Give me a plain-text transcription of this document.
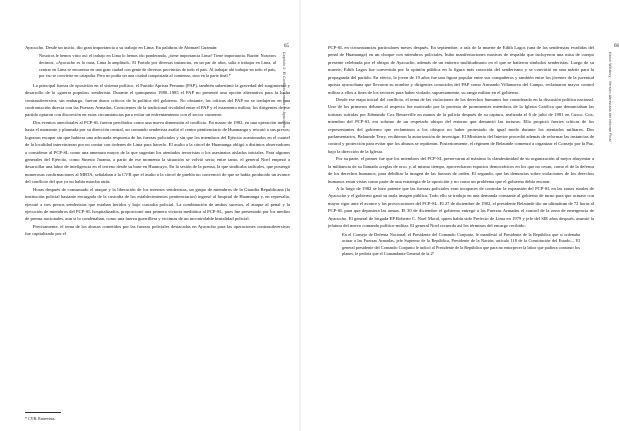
Ayacucho. Desde un inicio, dio gran importancia a su trabajo en Lima. En palabras de Abimael Guzmán:

Nosotros le hemos visto así: el trabajo en Lima lo hemos ido ponderando, ¿tiene importancia Lima? Tiene importancia. Razón: Nosotros decimos, «Ayacucho es la cuna, Lima la amplitud». El Partido por diversas instancias, en un par de años, salía a trabajar en Lima, al centrar en Lima se encuentra en una gran ciudad con gente de diversas provincias de todo el país. Al trabajar ahí trabajar en todo el país, por eso se convierte en catapulta. Pero no podía ser una ciudad conquistada al comienzo, sino en la parte final.*

La principal fuerza de oposición en el sistema político, el Partido Aprista Peruano (PAP), también subestimó la gravedad del surgimiento y desarrollo de la «guerra popular» senderista. Durante el quinquenio 1980–1985 el PAP no presentó una opción alternativa para la lucha contrasubversiva; sin embargo, fueron duros críticos de la política del gobierno. No obstante, las críticas del PAP no se tradujeron en una confrontación directa con las Fuerzas Armadas. Conscientes de la tradicional rivalidad entre el PAP y el estamento militar, los dirigentes de ese partido optaron con discreción en estas circunstancias para evitar un enfrentamiento con el sector castrense.

Dos eventos anecdotales al PCP-SL fueron percibidos como una nueva dimensión al conflicto. En marzo de 1982, en una operación inédita hasta el momento y planeada por su dirección central, un comando senderista asaltó el centro penitenciario de Huamanga y rescató a sus presos; lograron escapar sin que hubiera una adecuada respuesta de las fuerzas policiales y sin que los miembros del Ejército acantonados en el cuartel de la localidad intervinieran por no contar con órdenes de Lima para hacerlo. El asalto a la cárcel de Huamanga obligó a distintos observadores a considerar al PCP-SL como una amenaza mayor de la que sugerían los atentados terroristas o los asesinatos aislados iniciales. Para algunos generales del Ejército, como Sinesio Jarama, a partir de ese momento la situación se volvió seria; entre tanto, el general Noel empezó a desarrollar una labor de inteligencia en el terreno desde su base en Huancayo. En la sesión de la prensa, la que sindicaba radicales, que postergó numerosas confirmaciones al MRTA, señalaban a la CVR que el asalto a la cárcel de pueblo no convenció de que se había producido un avance del conflicto del que ya no había marcha atrás.

Horas después de consumado el ataque y la liberación de los internos senderistas, un grupo de miembros de la Guardia Republicana (la institución policial bastante encargada de la custodia de los establecimientos penitenciarios) ingresó al hospital de Huamanga y, en represalia, ejecutó a tres presos senderistas que estaban heridos y bajo custodia policial. La combinación de ambos sucesos, el ataque al penal y la ejecución de miembros del PCP-SL hospitalizados, proporcionó una primera victoria mediática al PCP-SL, pues fue presentado por los medios de prensa nacionales, aun si lo condenaban, como una fuerza guerrillera y victimas de un incontrolable brutalidad policial.

Precisamente, el tema de los abusos cometidos por las fuerzas policiales destacadas en Ayacucho para las operaciones contrasubversivas fue capitalizado por el

* CVR. Entrevista.
65
Capítulo 2: El Conflicto Armado en Ayacucho
66
Hatun Willakuy · Versión Abreviada del Informe Final

PCP-SL en circunstancias particulares meses después. En septiembre, a raíz de la muerte de Edith Lagos (una de las senderistas evadidas del penal de Huamanga) en un choque con miembros policiales, hubo manifestaciones masivas de respaldo que incluyeron una misa de cuerpo presente celebrada por el obispo de Ayacucho, además de un entierro multitudinario en el que se batieron símbolos senderistas. Luego de su muerte, Edith Lagos fue convertida por la opinión pública en la figura más conocida del senderismo y se convirtió en una mártir para la propaganda del partido. En efecto, la joven de 19 años fue una figura popular entre sus compañeros y también entre los jóvenes de la juventud aprista ayacuchana que llevaron su nombre y dirigentes conocidos del PAP como Armando Villanueva del Campo, reclamaron mayor control militar a ellos a fines de los sectores para haber violado, supuestamente, su rango militar en el gobierno.

Desde ese etapa inicial del conflicto, el tema de las violaciones de los derechos humanos fue considerado en la discusión política nacional. Uno de los primeros debates al respecto fue motivado por la protesta de prominentes miembros de la Iglesia Católica que denunciaban las torturas sufridas por Edmundo Cox Beuzeville en manos de la policía después de su captura, realizada el 6 de julio de 1981 en Cusco. Cox, miembro del PCP-SL era sobrino de un respetado obispo del entorno que denunció las torturas. Ello propició fuertes críticas de los representantes del gobierno que reclamaron a los obispos no haber protestado de igual modo durante los atentados militares. Dos parlamentarios, Belaunde Terry, recibieron la autorización de investigar. El Ministerio del Interior procedió además de reformar las instancias de control y protección para evitar que los abusos se repitieran. Posteriormente, el régimen de Belaunde comenzó a organizar el Consejo por la Paz, bajo la dirección de la Iglesia.

Por su parte, el primer fue que los miembros del PCP-SL preservaran al máximo la clandestinidad de su organización al mejor ahuyentar a la militancia de su llamada «reglas de oro» y, al mismo tiempo, aprovecharon espacios democráticos en los que no cesan, como el de la defensa de los derechos humanos, para debilitar la imagen de las fuerzas de orden. El segundo, que las denuncias sobre violaciones de los derechos humanos estan vistas como parte de una estrategia de la oposición y no como un problema que el gobierno debía encarar.

A lo largo de 1982 se hizo patente que las fuerzas policiales eran incapaces de controlar la expansión del PCP-SL en las zonas rurales de Ayacucho y el gobierno ganó su mala imagen pública. Todo ello se tradujo en una demanda constante al gobierno de turno para que actuase con mayor rigor ante el avance y las provocaciones del PCP-SL. El 27 de diciembre de 1982, el presidente Belaunde dio un ultimátum de 72 horas al PCP-SL para que depusiera las armas. El 30 de diciembre el gobierno entregó a las Fuerzas Armadas el control de la zona de emergencia de Ayacucho. El general de brigada EP Roberto C. Noel Moral, quien había sido Prefecto de Lima en 1979 y jefe del SIE años después, asumió la jefatura del nuevo comando político-militar. El general Noel recuerda así los términos del encargo recibido:

En el Consejo de Defensa Nacional, el Presidente del Comando Conjunto, le manifestó al Presidente de la República que si ordenaba actuar a las Fuerzas Armadas, jefe Supremo de la República, Presidente de la Nación, artículo 118 de la Constitución del Estado— El general presidente del Comando Conjunto le indicó al Presidente de la República que para no entorpecer la labor que pudiera construir los planes, le pediría que el Comandante General de la 2ª
